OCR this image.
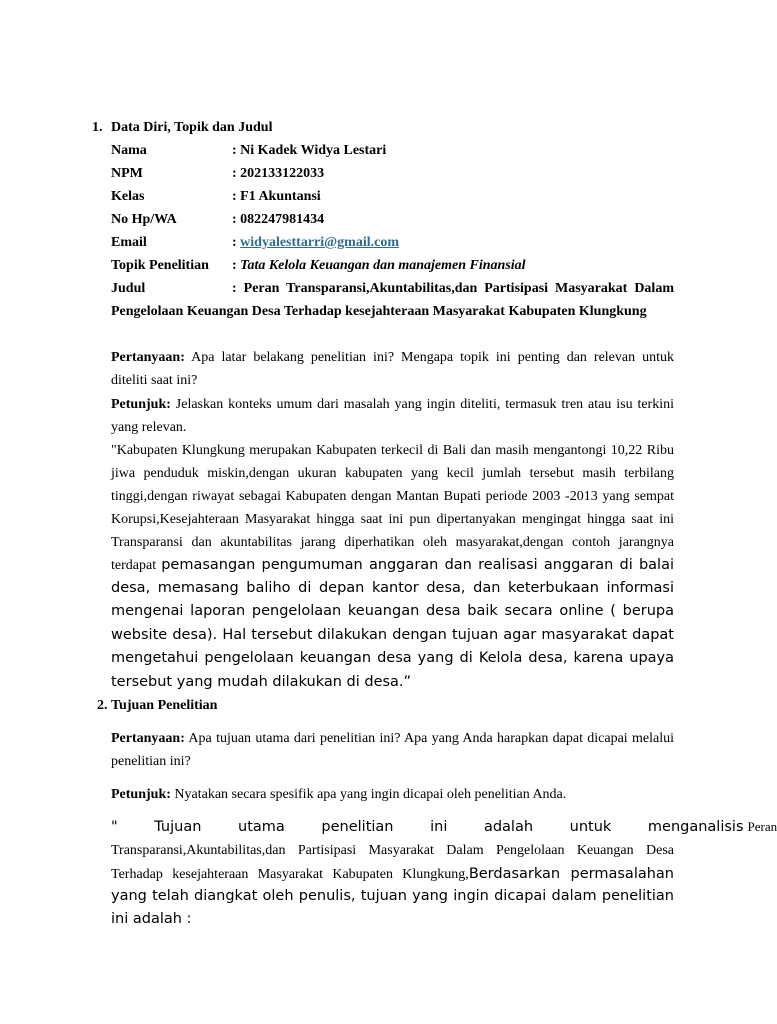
1. Data Diri, Topik dan Judul
Nama	: Ni Kadek Widya Lestari
NPM	: 202133122033
Kelas	: F1 Akuntansi
No Hp/WA	: 082247981434
Email	: widyalesttarri@gmail.com
Topik Penelitian : Tata Kelola Keuangan dan manajemen Finansial
Judul	: Peran Transparansi,Akuntabilitas,dan Partisipasi Masyarakat Dalam
Pengelolaan Keuangan Desa Terhadap kesejahteraan Masyarakat Kabupaten Klungkung
Pertanyaan: Apa latar belakang penelitian ini? Mengapa topik ini penting dan relevan untuk
diteliti saat ini?
Petunjuk: Jelaskan konteks umum dari masalah yang ingin diteliti, termasuk tren atau isu terkini
yang relevan.
"Kabupaten Klungkung merupakan Kabupaten terkecil di Bali dan masih mengantongi 10,22 Ribu
jiwa penduduk miskin,dengan ukuran kabupaten yang kecil jumlah tersebut masih terbilang
tinggi,dengan riwayat sebagai Kabupaten dengan Mantan Bupati periode 2003 -2013 yang sempat
Korupsi,Kesejahteraan Masyarakat hingga saat ini pun dipertanyakan mengingat hingga saat ini
Transparansi dan akuntabilitas jarang diperhatikan oleh masyarakat,dengan contoh jarangnya
terdapat pemasangan pengumuman anggaran dan realisasi anggaran di balai
desa, memasang baliho di depan kantor desa, dan keterbukaan informasi
mengenai laporan pengelolaan keuangan desa baik secara online ( berupa
website desa). Hal tersebut dilakukan dengan tujuan agar masyarakat dapat
mengetahui pengelolaan keuangan desa yang di Kelola desa, karena upaya
tersebut yang mudah dilakukan di desa.”
2. Tujuan Penelitian
Pertanyaan: Apa tujuan utama dari penelitian ini? Apa yang Anda harapkan dapat dicapai melalui
penelitian ini?
Petunjuk: Nyatakan secara spesifik apa yang ingin dicapai oleh penelitian Anda.
" Tujuan utama penelitian ini adalah untuk menganalisis Peran
Transparansi,Akuntabilitas,dan Partisipasi Masyarakat Dalam Pengelolaan Keuangan Desa
Terhadap kesejahteraan Masyarakat Kabupaten Klungkung,Berdasarkan permasalahan
yang telah diangkat oleh penulis, tujuan yang ingin dicapai dalam penelitian
ini adalah :
